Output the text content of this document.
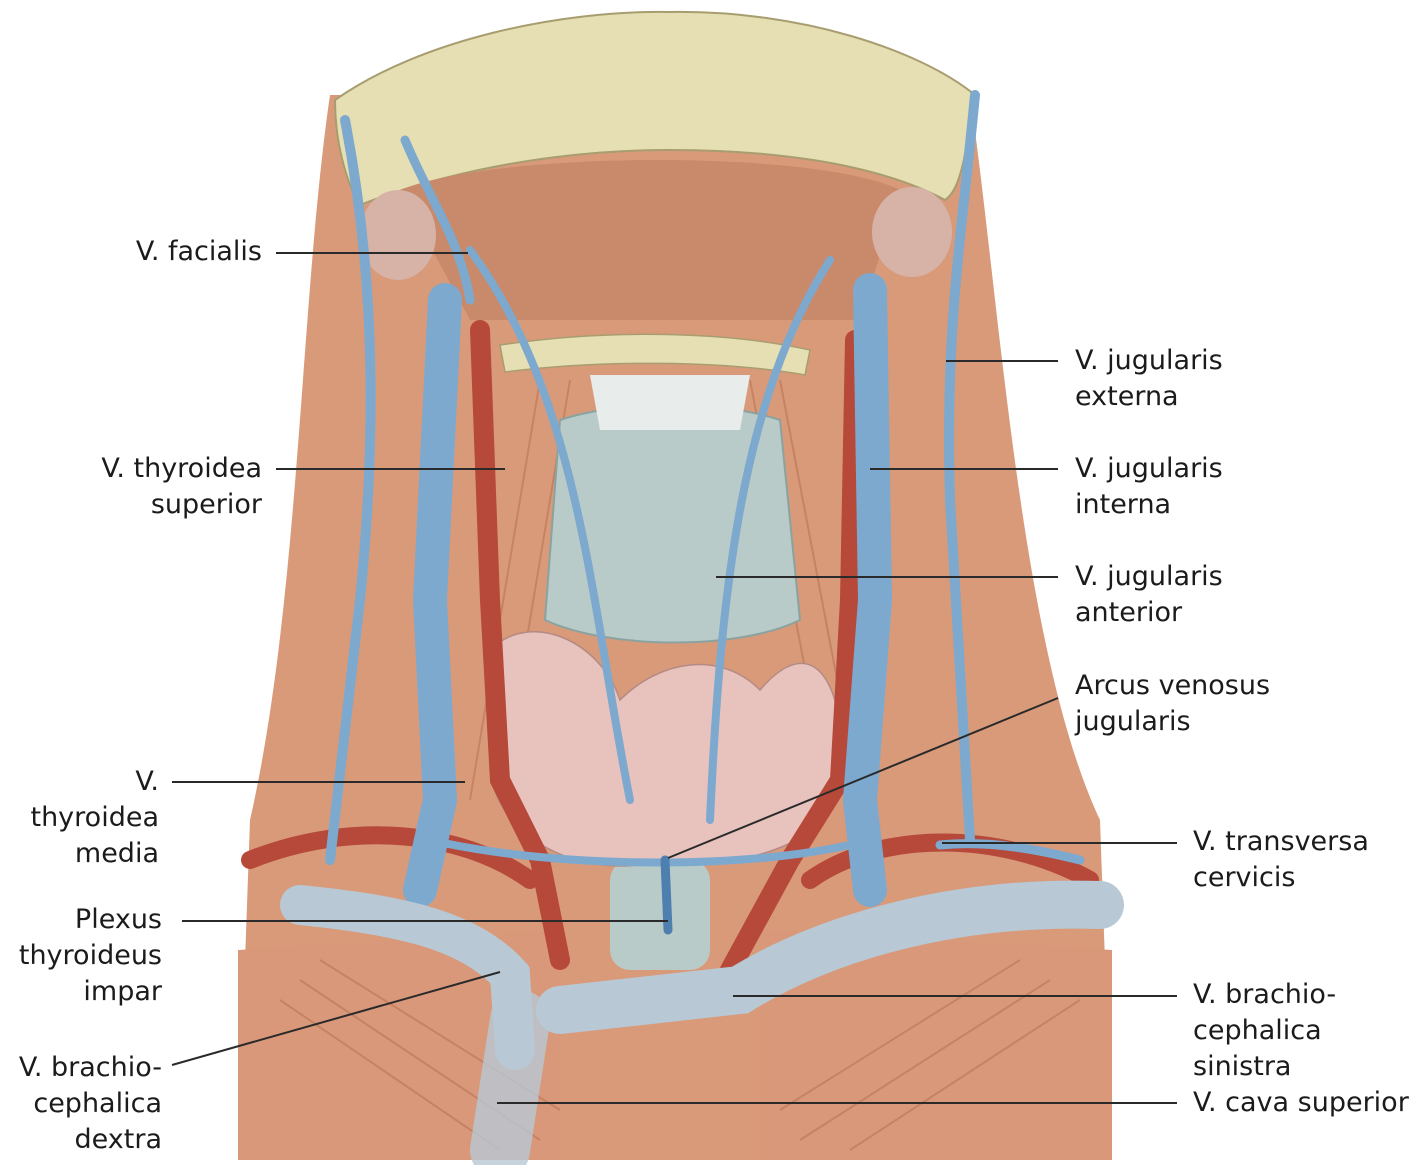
V. facialis
V. thyroidea
superior
V. thyroidea
media
Plexus
thyroideus
impar
V. brachio-
cephalica
dextra
V. jugularis
externa
V. jugularis
interna
V. jugularis
anterior
Arcus venosus
jugularis
V. transversa
cervicis
V. brachio-
cephalica sinistra
V. cava superior
